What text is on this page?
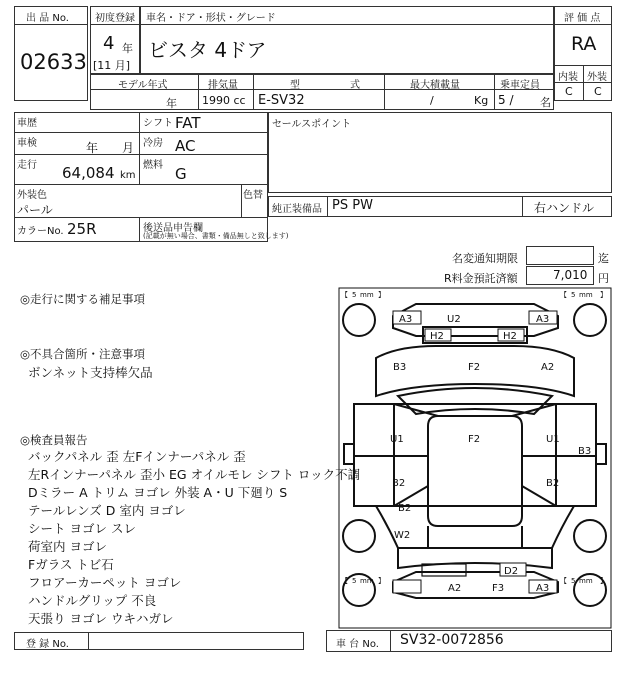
出 品 No.
02633
初度登録
4 年
[11 月]
車名・ドア・形状・グレード
ビスタ 4ドア
評 価 点
RA
内装 外装
C C
モデル年式
年
排気量
1990 cc
型	式
E-SV32
最大積載量
/	Kg
乗車定員
5 / 名
車歴	シフト FAT
車検	年 月 冷房 AC
走行 64,084 km
燃料 G
外装色
パール
色替
カラーNo. 25R	後送品申告欄
(記載が無い場合、書類・備品無しと致します)
セールスポイント
純正装備品 PS PW	右ハンドル
名変通知期限	迄
R料金預託済額	7,010 円
◎走行に関する補足事項
◎不具合箇所・注意事項
ボンネット支持棒欠品
◎検査員報告
バックパネル 歪 左Fインナーパネル 歪
左Rインナーパネル 歪小 EG オイルモレ シフト ロック不調
Dミラー A トリム ヨゴレ 外装 A・U 下廻り S
テールレンズ D 室内 ヨゴレ
シート ヨゴレ スレ
荷室内 ヨゴレ
Fガラス トビ石
フロアーカーペット ヨゴレ
ハンドルグリップ 不良
天張り ヨゴレ ウキハガレ
【 5 mm 】	【 5 mm 】
【 5 mm 】	【 5 mm 】
A3	U2	A3
H2	H2
B3	F2	A2
U1	F2	U1
B3
B2	B2
B2
W2
D2
A2	F3	A3
登 録 No.	車 台 No. SV32-0072856
